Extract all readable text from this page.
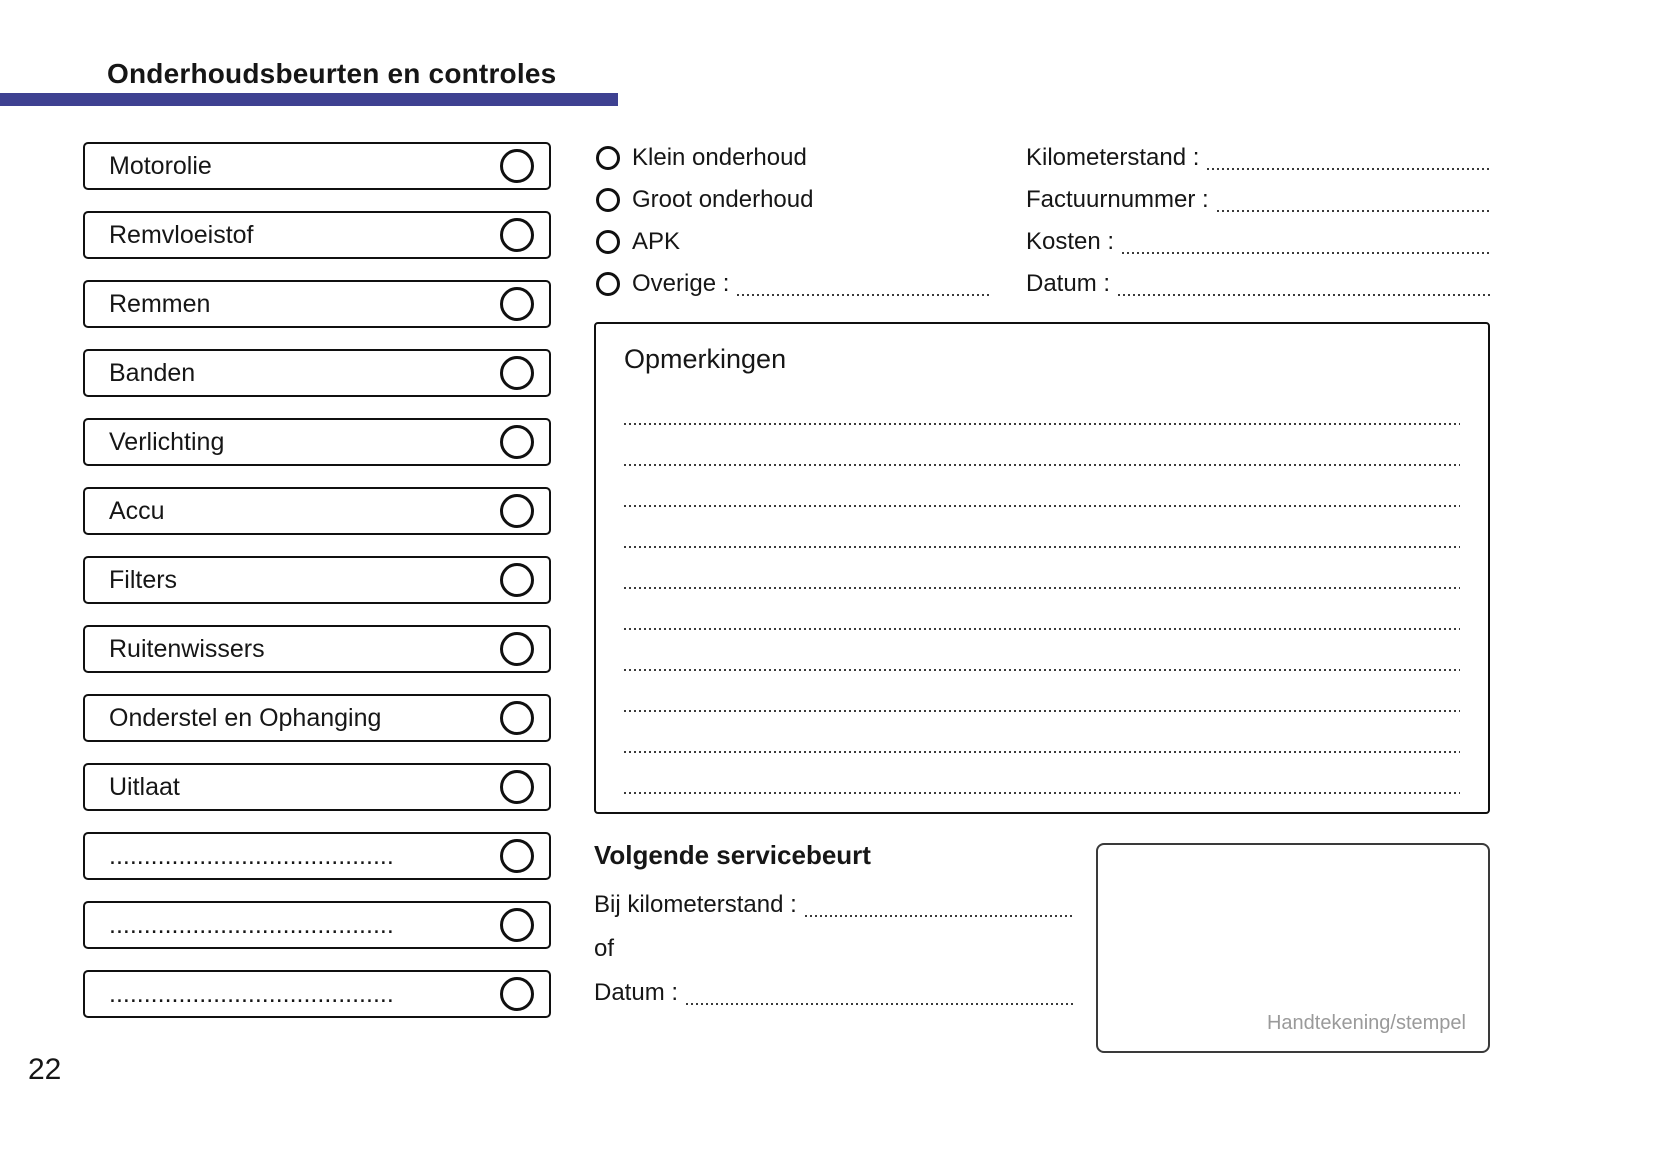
Onderhoudsbeurten en controles
Motorolie
Remvloeistof
Remmen
Banden
Verlichting
Accu
Filters
Ruitenwissers
Onderstel en Ophanging
Uitlaat
.........................................
.........................................
.........................................
Klein onderhoud
Groot onderhoud
APK
Overige :
Kilometerstand :
Factuurnummer :
Kosten :
Datum :
Opmerkingen
Volgende servicebeurt
Bij kilometerstand :
of
Datum :
Handtekening/stempel
22
